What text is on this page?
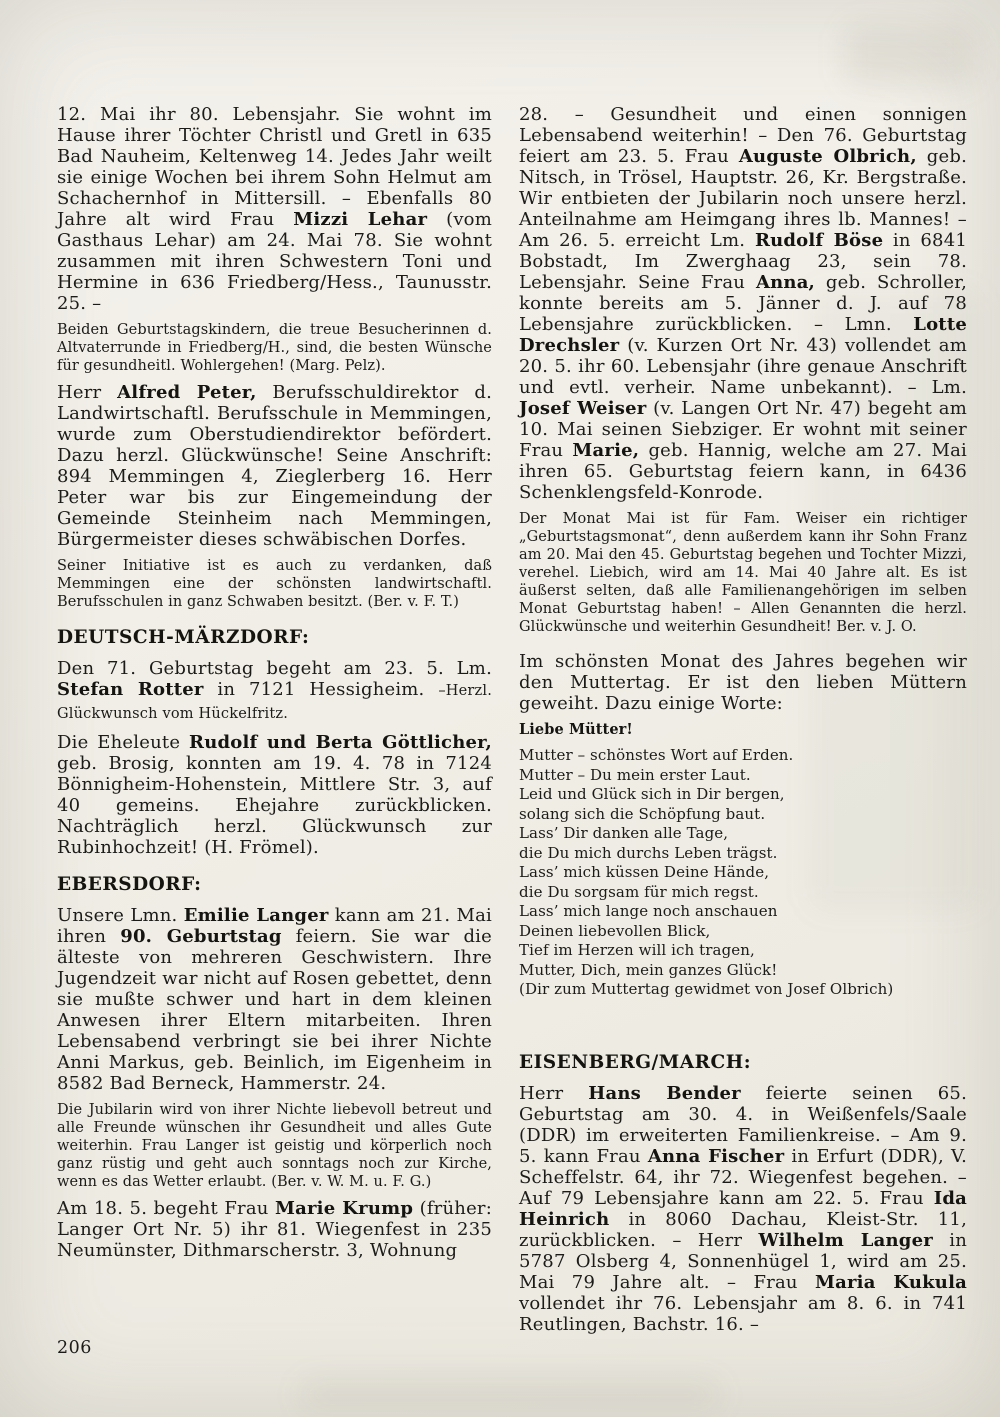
12. Mai ihr 80. Lebensjahr. Sie wohnt im Hause ihrer Töchter Christl und Gretl in 635 Bad Nauheim, Keltenweg 14. Jedes Jahr weilt sie einige Wochen bei ihrem Sohn Helmut am Schachernhof in Mittersill. – Ebenfalls 80 Jahre alt wird Frau Mizzi Lehar (vom Gasthaus Lehar) am 24. Mai 78. Sie wohnt zusammen mit ihren Schwestern Toni und Hermine in 636 Friedberg/Hess., Taunusstr. 25. –

Beiden Geburtstagskindern, die treue Besucherinnen d. Altvaterrunde in Friedberg/H., sind, die besten Wünsche für gesundheitl. Wohlergehen! (Marg. Pelz).

Herr Alfred Peter, Berufsschuldirektor d. Landwirtschaftl. Berufsschule in Memmingen, wurde zum Oberstudiendirektor befördert. Dazu herzl. Glückwünsche! Seine Anschrift: 894 Memmingen 4, Zieglerberg 16. Herr Peter war bis zur Eingemeindung der Gemeinde Steinheim nach Memmingen, Bürgermeister dieses schwäbischen Dorfes.

Seiner Initiative ist es auch zu verdanken, daß Memmingen eine der schönsten landwirtschaftl. Berufsschulen in ganz Schwaben besitzt. (Ber. v. F. T.)

DEUTSCH-MÄRZDORF:

Den 71. Geburtstag begeht am 23. 5. Lm. Stefan Rotter in 7121 Hessigheim. –Herzl. Glückwunsch vom Hückelfritz.

Die Eheleute Rudolf und Berta Göttlicher, geb. Brosig, konnten am 19. 4. 78 in 7124 Bönnigheim-Hohenstein, Mittlere Str. 3, auf 40 gemeins. Ehejahre zurückblicken. Nachträglich herzl. Glückwunsch zur Rubinhochzeit! (H. Frömel).

EBERSDORF:

Unsere Lmn. Emilie Langer kann am 21. Mai ihren 90. Geburtstag feiern. Sie war die älteste von mehreren Geschwistern. Ihre Jugendzeit war nicht auf Rosen gebettet, denn sie mußte schwer und hart in dem kleinen Anwesen ihrer Eltern mitarbeiten. Ihren Lebensabend verbringt sie bei ihrer Nichte Anni Markus, geb. Beinlich, im Eigenheim in 8582 Bad Berneck, Hammerstr. 24.

Die Jubilarin wird von ihrer Nichte liebevoll betreut und alle Freunde wünschen ihr Gesundheit und alles Gute weiterhin. Frau Langer ist geistig und körperlich noch ganz rüstig und geht auch sonntags noch zur Kirche, wenn es das Wetter erlaubt. (Ber. v. W. M. u. F. G.)

Am 18. 5. begeht Frau Marie Krump (früher: Langer Ort Nr. 5) ihr 81. Wiegenfest in 235 Neumünster, Dithmarscherstr. 3, Wohnung

28. – Gesundheit und einen sonnigen Lebensabend weiterhin! – Den 76. Geburtstag feiert am 23. 5. Frau Auguste Olbrich, geb. Nitsch, in Trösel, Hauptstr. 26, Kr. Bergstraße. Wir entbieten der Jubilarin noch unsere herzl. Anteilnahme am Heimgang ihres lb. Mannes! – Am 26. 5. erreicht Lm. Rudolf Böse in 6841 Bobstadt, Im Zwerghaag 23, sein 78. Lebensjahr. Seine Frau Anna, geb. Schroller, konnte bereits am 5. Jänner d. J. auf 78 Lebensjahre zurückblicken. – Lmn. Lotte Drechsler (v. Kurzen Ort Nr. 43) vollendet am 20. 5. ihr 60. Lebensjahr (ihre genaue Anschrift und evtl. verheir. Name unbekannt). – Lm. Josef Weiser (v. Langen Ort Nr. 47) begeht am 10. Mai seinen Siebziger. Er wohnt mit seiner Frau Marie, geb. Hannig, welche am 27. Mai ihren 65. Geburtstag feiern kann, in 6436 Schenklengsfeld-Konrode.

Der Monat Mai ist für Fam. Weiser ein richtiger „Geburtstagsmonat“, denn außerdem kann ihr Sohn Franz am 20. Mai den 45. Geburtstag begehen und Tochter Mizzi, verehel. Liebich, wird am 14. Mai 40 Jahre alt. Es ist äußerst selten, daß alle Familienangehörigen im selben Monat Geburtstag haben! – Allen Genannten die herzl. Glückwünsche und weiterhin Gesundheit! Ber. v. J. O.

Im schönsten Monat des Jahres begehen wir den Muttertag. Er ist den lieben Müttern geweiht. Dazu einige Worte:

Liebe Mütter!

Mutter – schönstes Wort auf Erden.
Mutter – Du mein erster Laut.
Leid und Glück sich in Dir bergen,
solang sich die Schöpfung baut.
Lass’ Dir danken alle Tage,
die Du mich durchs Leben trägst.
Lass’ mich küssen Deine Hände,
die Du sorgsam für mich regst.
Lass’ mich lange noch anschauen
Deinen liebevollen Blick,
Tief im Herzen will ich tragen,
Mutter, Dich, mein ganzes Glück!
(Dir zum Muttertag gewidmet von Josef Olbrich)
EISENBERG/MARCH:

Herr Hans Bender feierte seinen 65. Geburtstag am 30. 4. in Weißenfels/Saale (DDR) im erweiterten Familienkreise. – Am 9. 5. kann Frau Anna Fischer in Erfurt (DDR), V. Scheffelstr. 64, ihr 72. Wiegenfest begehen. – Auf 79 Lebensjahre kann am 22. 5. Frau Ida Heinrich in 8060 Dachau, Kleist-Str. 11, zurückblicken. – Herr Wilhelm Langer in 5787 Olsberg 4, Sonnenhügel 1, wird am 25. Mai 79 Jahre alt. – Frau Maria Kukula vollendet ihr 76. Lebensjahr am 8. 6. in 741 Reutlingen, Bachstr. 16. –

206
